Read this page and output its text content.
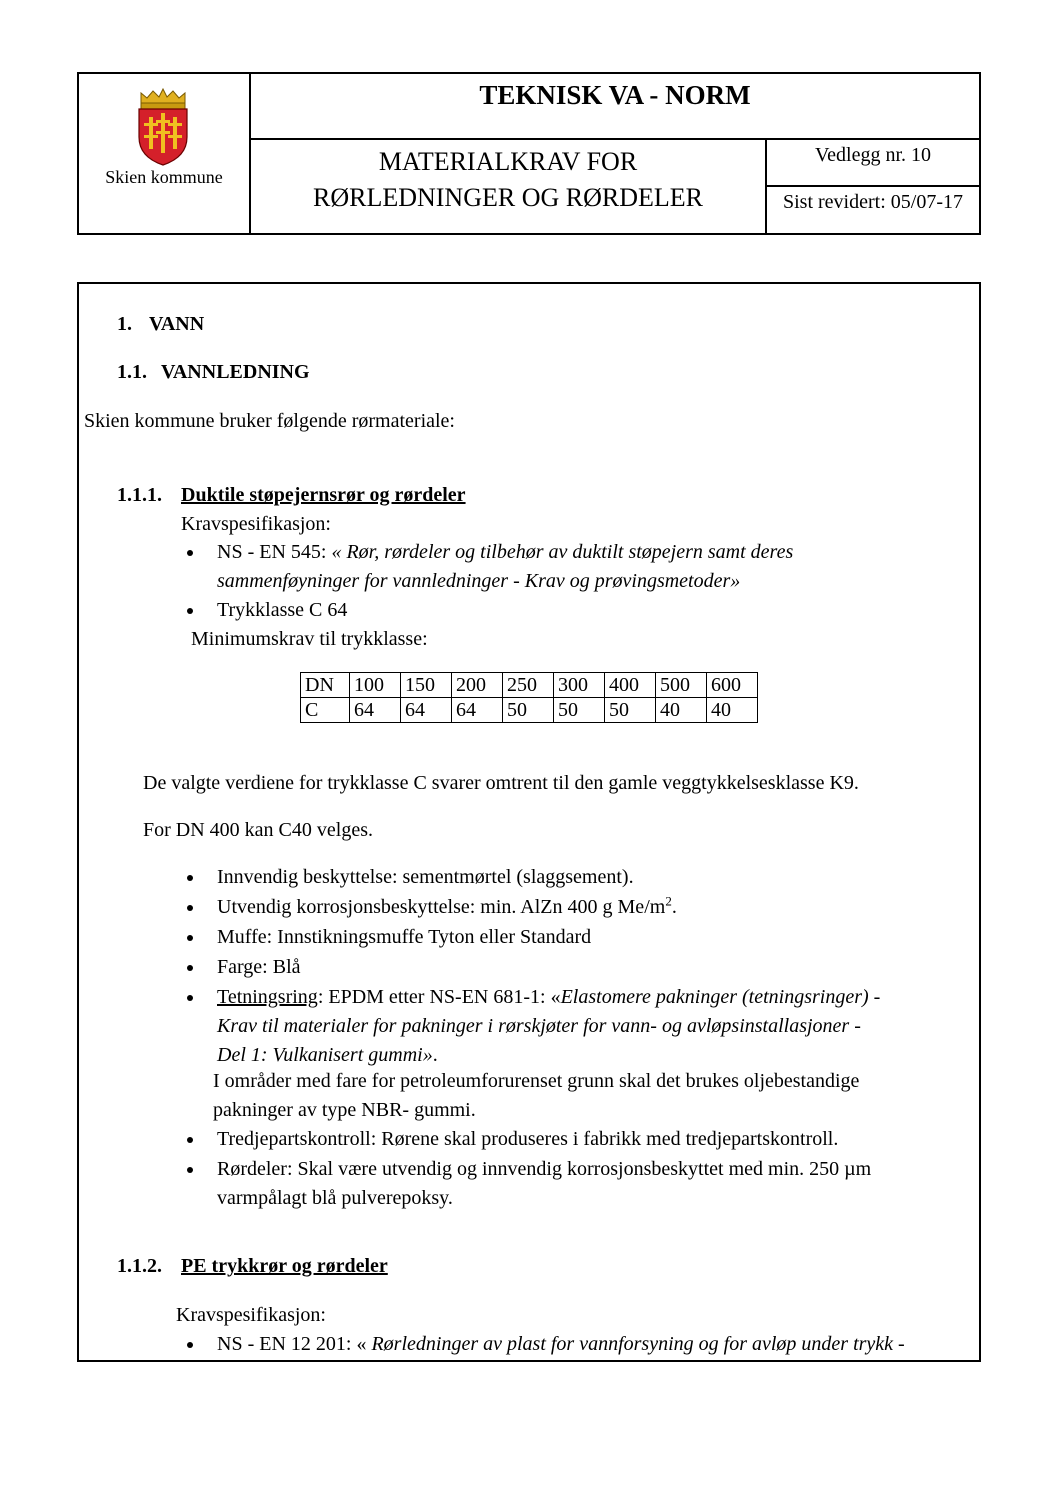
Skien kommune
TEKNISK VA - NORM
MATERIALKRAV FOR
RØRLEDNINGER OG RØRDELER
Vedlegg nr. 10
Sist revidert: 05/07-17
1. VANN
1.1. VANNLEDNING
Skien kommune bruker følgende rørmateriale:
1.1.1. Duktile støpejernsrør og rørdeler
Kravspesifikasjon:
NS - EN 545: « Rør, rørdeler og tilbehør av duktilt støpejern samt deres
sammenføyninger for vannledninger - Krav og prøvingsmetoder»
Trykklasse C 64
Minimumskrav til trykklasse:
DN	100	150	200	250	300	400	500	600
C	64	64	64	50	50	50	40	40
De valgte verdiene for trykklasse C svarer omtrent til den gamle veggtykkelsesklasse K9.
For DN 400 kan C40 velges.
Innvendig beskyttelse: sementmørtel (slaggsement).
Utvendig korrosjonsbeskyttelse: min. AlZn 400 g $Me/m^2$.
Muffe: Innstikningsmuffe Tyton eller Standard
Farge: Blå
Tetningsring: EPDM etter NS-EN 681-1: «Elastomere pakninger (tetningsringer) -
Krav til materialer for pakninger i rørskjøter for vann- og avløpsinstallasjoner -
Del 1: Vulkanisert gummi».
I områder med fare for petroleumforurenset grunn skal det brukes oljebestandige
pakninger av type NBR- gummi.
Tredjepartskontroll: Rørene skal produseres i fabrikk med tredjepartskontroll.
Rørdeler: Skal være utvendig og innvendig korrosjonsbeskyttet med min. 250 µm
varmpålagt blå pulverepoksy.
1.1.2. PE trykkrør og rørdeler
Kravspesifikasjon:
NS - EN 12 201: « Rørledninger av plast for vannforsyning og for avløp under trykk -
